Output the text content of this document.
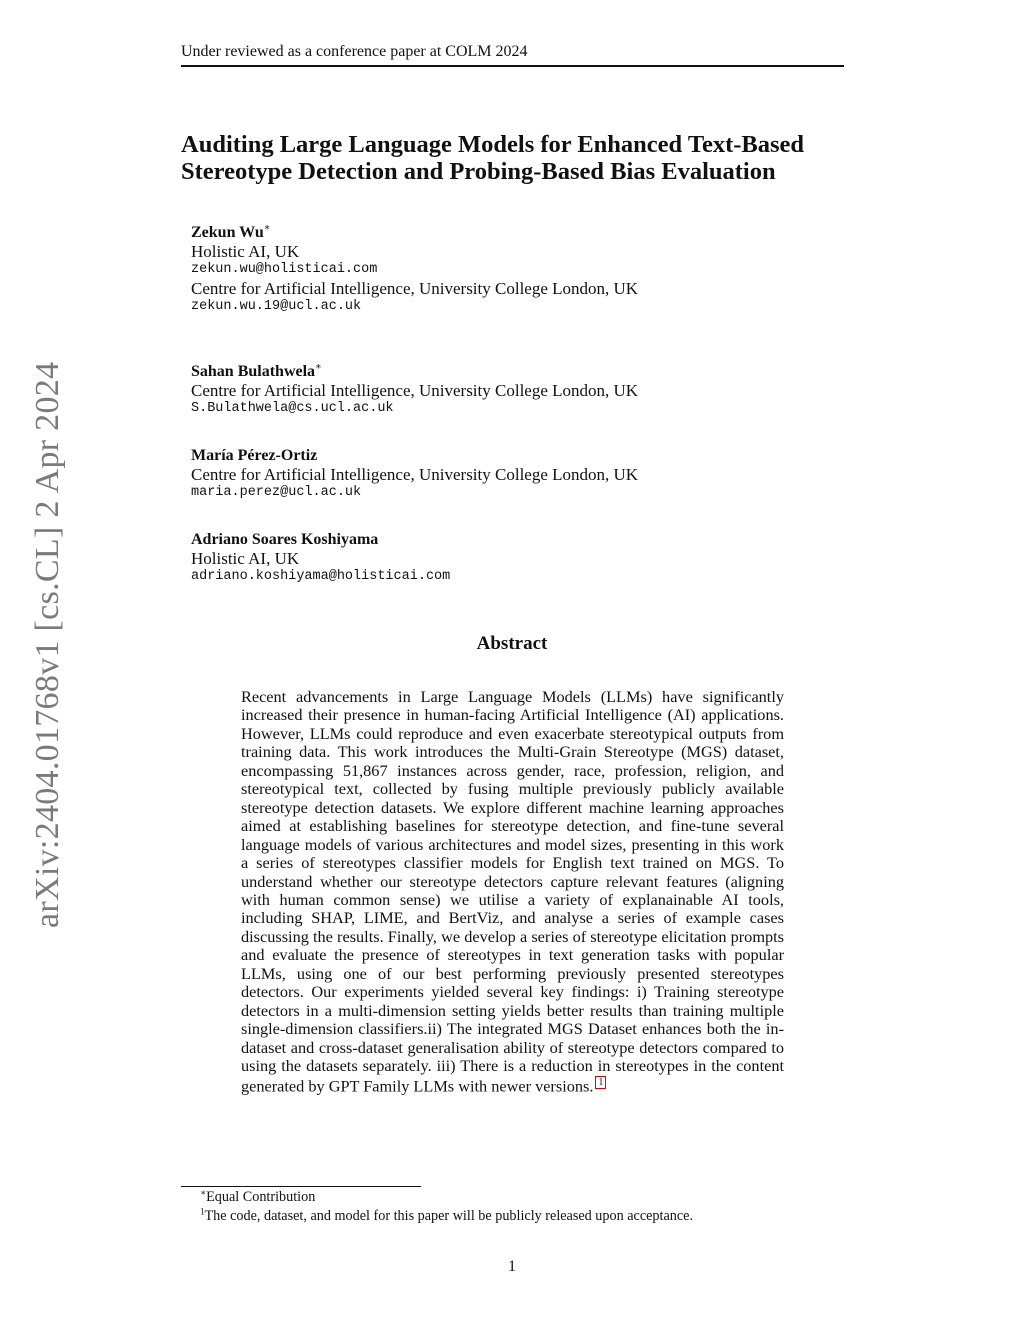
Under reviewed as a conference paper at COLM 2024
Auditing Large Language Models for Enhanced Text-Based
Stereotype Detection and Probing-Based Bias Evaluation
Zekun Wu∗
Holistic AI, UK
zekun.wu@holisticai.com
Centre for Artificial Intelligence, University College London, UK
zekun.wu.19@ucl.ac.uk
Sahan Bulathwela∗
Centre for Artificial Intelligence, University College London, UK
S.Bulathwela@cs.ucl.ac.uk
María Pérez-Ortiz
Centre for Artificial Intelligence, University College London, UK
maria.perez@ucl.ac.uk
Adriano Soares Koshiyama
Holistic AI, UK
adriano.koshiyama@holisticai.com
arXiv:2404.01768v1 [cs.CL] 2 Apr 2024	Abstract

Recent advancements in Large Language Models (LLMs) have significantly increased their presence in human-facing Artificial Intelligence (AI) applications. However, LLMs could reproduce and even exacerbate stereotypical outputs from training data. This work introduces the Multi-Grain Stereotype (MGS) dataset, encompassing 51,867 instances across gender, race, profession, religion, and stereotypical text, collected by fusing multiple previously publicly available stereotype detection datasets. We explore different machine learning approaches aimed at establishing baselines for stereotype detection, and fine-tune several language models of various architectures and model sizes, presenting in this work a series of stereotypes classifier models for English text trained on MGS. To understand whether our stereotype detectors capture relevant features (aligning with human common sense) we utilise a variety of explanainable AI tools, including SHAP, LIME, and BertViz, and analyse a series of example cases discussing the results. Finally, we develop a series of stereotype elicitation prompts and evaluate the presence of stereotypes in text generation tasks with popular LLMs, using one of our best performing previously presented stereotypes detectors. Our experiments yielded several key findings: i) Training stereotype detectors in a multi-dimension setting yields better results than training multiple single-dimension classifiers.ii) The integrated MGS Dataset enhances both the in-dataset and cross-dataset generalisation ability of stereotype detectors compared to using the datasets separately. iii) There is a reduction in stereotypes in the content generated by GPT Family LLMs with newer versions. 1

∗Equal Contribution
$^1$The code, dataset, and model for this paper will be publicly released upon acceptance.
1
